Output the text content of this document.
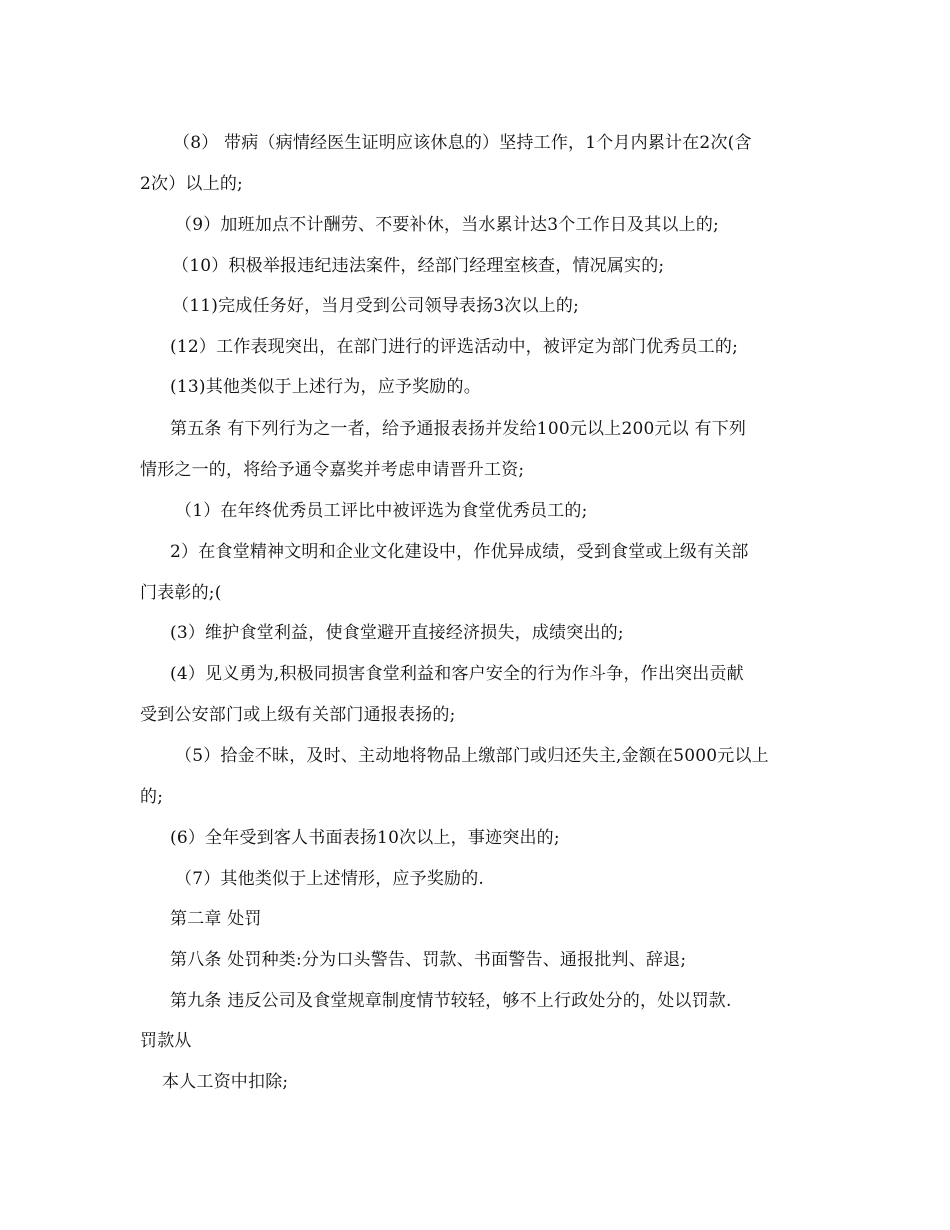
（8） 带病（病情经医生证明应该休息的）坚持工作，1个月内累计在2次(含
2次）以上的;
（9）加班加点不计酬劳、不要补休，当水累计达3个工作日及其以上的;
（10）积极举报违纪违法案件，经部门经理室核查，情况属实的;
（11)完成任务好，当月受到公司领导表扬3次以上的;
(12）工作表现突出，在部门进行的评选活动中，被评定为部门优秀员工的;
(13)其他类似于上述行为，应予奖励的。
第五条 有下列行为之一者，给予通报表扬并发给100元以上200元以 有下列
情形之一的，将给予通令嘉奖并考虑申请晋升工资;
（1）在年终优秀员工评比中被评选为食堂优秀员工的;
2）在食堂精神文明和企业文化建设中，作优异成绩，受到食堂或上级有关部
门表彰的;(
(3）维护食堂利益，使食堂避开直接经济损失，成绩突出的;
(4）见义勇为,积极同损害食堂利益和客户安全的行为作斗争，作出突出贡献
受到公安部门或上级有关部门通报表扬的;
（5）拾金不昧，及时、主动地将物品上缴部门或归还失主,金额在5000元以上
的;
(6）全年受到客人书面表扬10次以上，事迹突出的;
（7）其他类似于上述情形，应予奖励的.
第二章 处罚
第八条 处罚种类:分为口头警告、罚款、书面警告、通报批判、辞退;
第九条 违反公司及食堂规章制度情节较轻，够不上行政处分的，处以罚款.
罚款从
本人工资中扣除;
